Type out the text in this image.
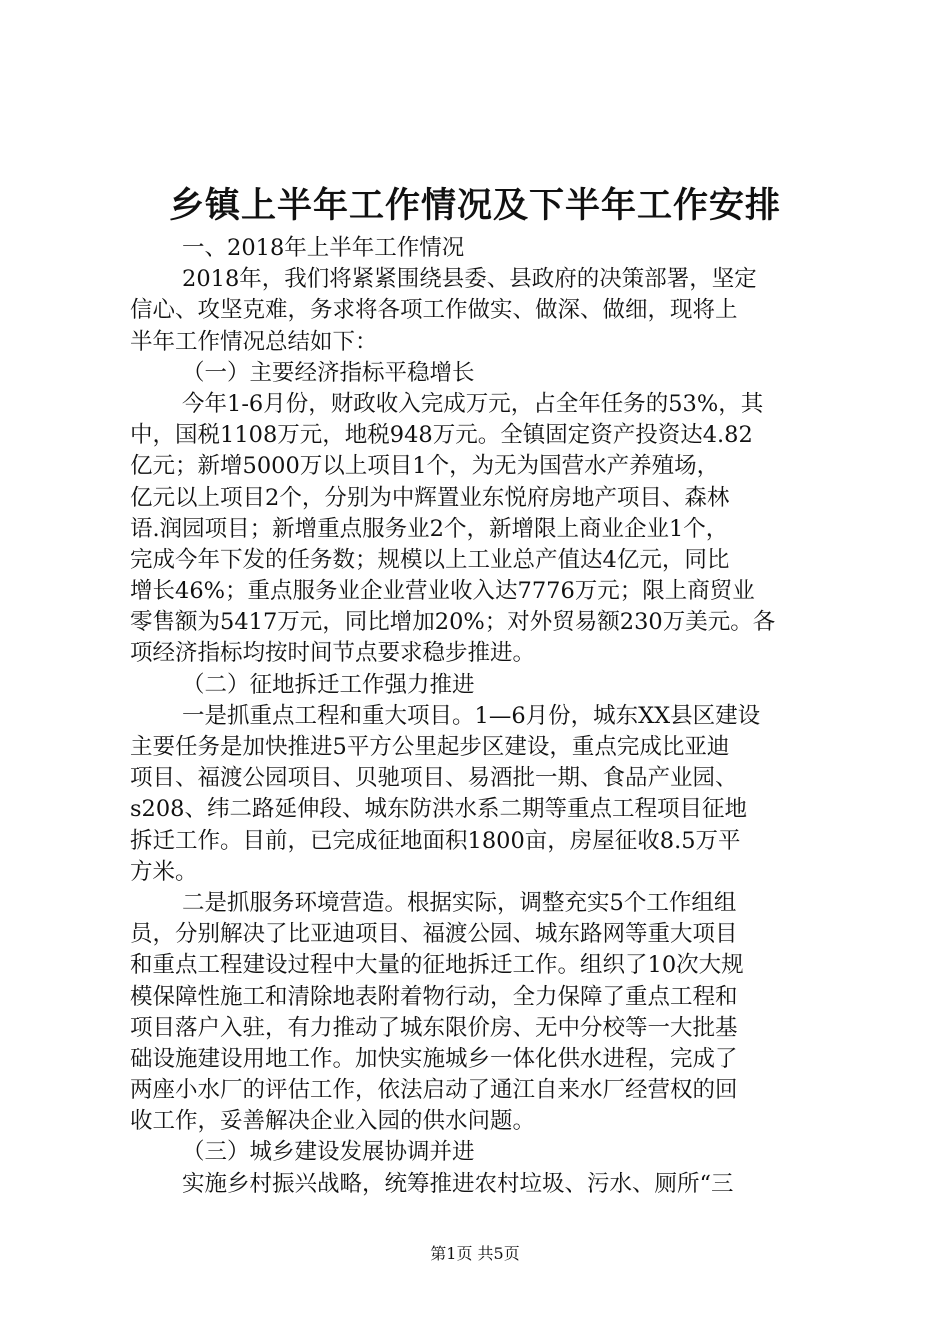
乡镇上半年工作情况及下半年工作安排
一、2018年上半年工作情况
2018年，我们将紧紧围绕县委、县政府的决策部署，坚定
信心、攻坚克难，务求将各项工作做实、做深、做细，现将上
半年工作情况总结如下：
（一）主要经济指标平稳增长
今年1-6月份，财政收入完成万元，占全年任务的53%，其
中，国税1108万元，地税948万元。全镇固定资产投资达4.82
亿元；新增5000万以上项目1个，为无为国营水产养殖场，
亿元以上项目2个，分别为中辉置业东悦府房地产项目、森林
语.润园项目；新增重点服务业2个，新增限上商业企业1个，
完成今年下发的任务数；规模以上工业总产值达4亿元，同比
增长46%；重点服务业企业营业收入达7776万元；限上商贸业
零售额为5417万元，同比增加20%；对外贸易额230万美元。各
项经济指标均按时间节点要求稳步推进。
（二）征地拆迁工作强力推进
一是抓重点工程和重大项目。1—6月份，城东XX县区建设
主要任务是加快推进5平方公里起步区建设，重点完成比亚迪
项目、福渡公园项目、贝驰项目、易酒批一期、食品产业园、
s208、纬二路延伸段、城东防洪水系二期等重点工程项目征地
拆迁工作。目前，已完成征地面积1800亩，房屋征收8.5万平
方米。
二是抓服务环境营造。根据实际，调整充实5个工作组组
员，分别解决了比亚迪项目、福渡公园、城东路网等重大项目
和重点工程建设过程中大量的征地拆迁工作。组织了10次大规
模保障性施工和清除地表附着物行动，全力保障了重点工程和
项目落户入驻，有力推动了城东限价房、无中分校等一大批基
础设施建设用地工作。加快实施城乡一体化供水进程，完成了
两座小水厂的评估工作，依法启动了通江自来水厂经营权的回
收工作，妥善解决企业入园的供水问题。
（三）城乡建设发展协调并进
实施乡村振兴战略，统筹推进农村垃圾、污水、厕所“三
第1页 共5页
